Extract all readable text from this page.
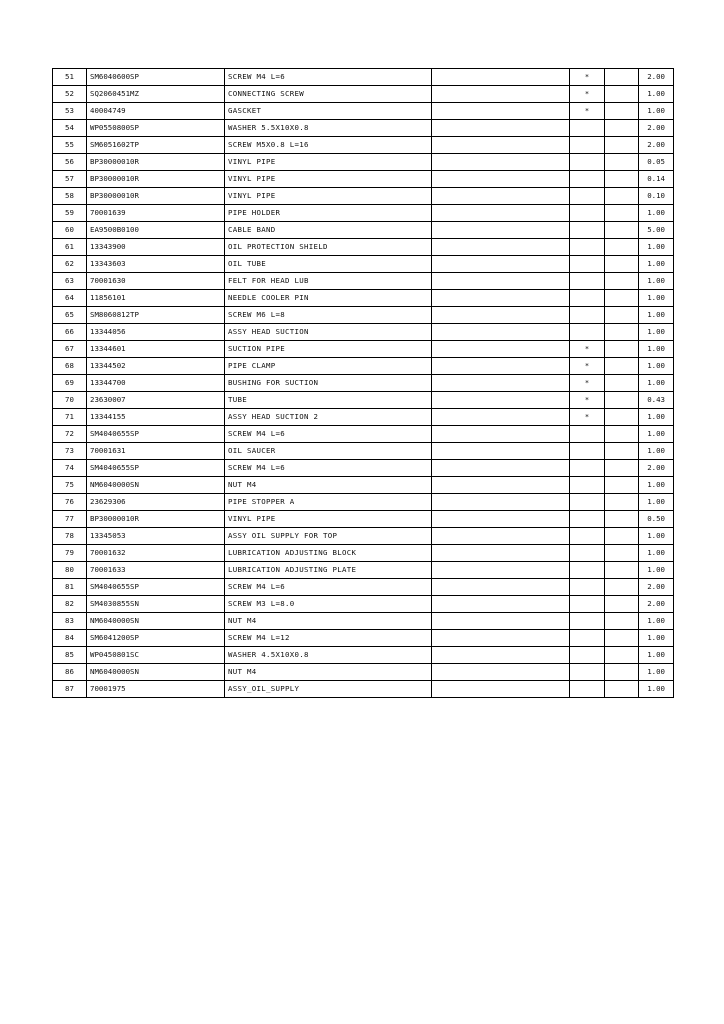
51	SM6040600SP	SCREW M4 L=6		*		2.00
52	SQ2060451MZ	CONNECTING SCREW		*		1.00
53	40004749	GASCKET		*		1.00
54	WP0550800SP	WASHER 5.5X10X0.8				2.00
55	SM6051602TP	SCREW M5X0.8 L=16				2.00
56	BP30000010R	VINYL PIPE				0.05
57	BP30000010R	VINYL PIPE				0.14
58	BP30000010R	VINYL PIPE				0.10
59	70001639	PIPE HOLDER				1.00
60	EA9500B0100	CABLE BAND				5.00
61	13343900	OIL PROTECTION SHIELD				1.00
62	13343603	OIL TUBE				1.00
63	70001630	FELT FOR HEAD LUB				1.00
64	11856101	NEEDLE COOLER PIN				1.00
65	SM8060812TP	SCREW M6 L=8				1.00
66	13344056	ASSY HEAD SUCTION				1.00
67	13344601	SUCTION PIPE		*		1.00
68	13344502	PIPE CLAMP		*		1.00
69	13344700	BUSHING FOR SUCTION		*		1.00
70	23630007	TUBE		*		0.43
71	13344155	ASSY HEAD SUCTION 2		*		1.00
72	SM4040655SP	SCREW M4 L=6				1.00
73	70001631	OIL SAUCER				1.00
74	SM4040655SP	SCREW M4 L=6				2.00
75	NM6040000SN	NUT M4				1.00
76	23629306	PIPE STOPPER A				1.00
77	BP30000010R	VINYL PIPE				0.50
78	13345053	ASSY OIL SUPPLY FOR TOP				1.00
79	70001632	LUBRICATION ADJUSTING BLOCK				1.00
80	70001633	LUBRICATION ADJUSTING PLATE				1.00
81	SM4040655SP	SCREW M4 L=6				2.00
82	SM4030855SN	SCREW M3 L=8.0				2.00
83	NM6040000SN	NUT M4				1.00
84	SM6041200SP	SCREW M4 L=12				1.00
85	WP0450801SC	WASHER 4.5X10X0.8				1.00
86	NM6040000SN	NUT M4				1.00
87	70001975	ASSY_OIL_SUPPLY				1.00
